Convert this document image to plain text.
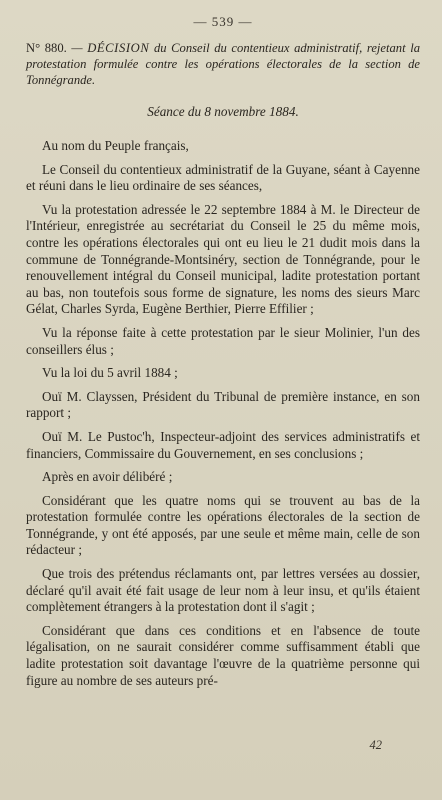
— 539 —
N° 880. — DÉCISION du Conseil du contentieux administratif, rejetant la protestation formulée contre les opérations électorales de la section de Tonnégrande.
Séance du 8 novembre 1884.

Au nom du Peuple français,

Le Conseil du contentieux administratif de la Guyane, séant à Cayenne et réuni dans le lieu ordinaire de ses séances,

Vu la protestation adressée le 22 septembre 1884 à M. le Directeur de l'Intérieur, enregistrée au secrétariat du Conseil le 25 du même mois, contre les opérations électorales qui ont eu lieu le 21 dudit mois dans la commune de Tonnégrande-Montsinéry, section de Tonnégrande, pour le renouvellement intégral du Conseil municipal, ladite protestation portant au bas, non toutefois sous forme de signature, les noms des sieurs Marc Gélat, Charles Syrda, Eugène Berthier, Pierre Effilier ;

Vu la réponse faite à cette protestation par le sieur Molinier, l'un des conseillers élus ;

Vu la loi du 5 avril 1884 ;

Ouï M. Clayssen, Président du Tribunal de première instance, en son rapport ;

Ouï M. Le Pustoc'h, Inspecteur-adjoint des services administratifs et financiers, Commissaire du Gouvernement, en ses conclusions ;

Après en avoir délibéré ;

Considérant que les quatre noms qui se trouvent au bas de la protestation formulée contre les opérations électorales de la section de Tonnégrande, y ont été apposés, par une seule et même main, celle de son rédacteur ;

Que trois des prétendus réclamants ont, par lettres versées au dossier, déclaré qu'il avait été fait usage de leur nom à leur insu, et qu'ils étaient complètement étrangers à la protestation dont il s'agit ;

Considérant que dans ces conditions et en l'absence de toute légalisation, on ne saurait considérer comme suffisamment établi que ladite protestation soit davantage l'œuvre de la quatrième personne qui figure au nombre de ses auteurs pré-

42
